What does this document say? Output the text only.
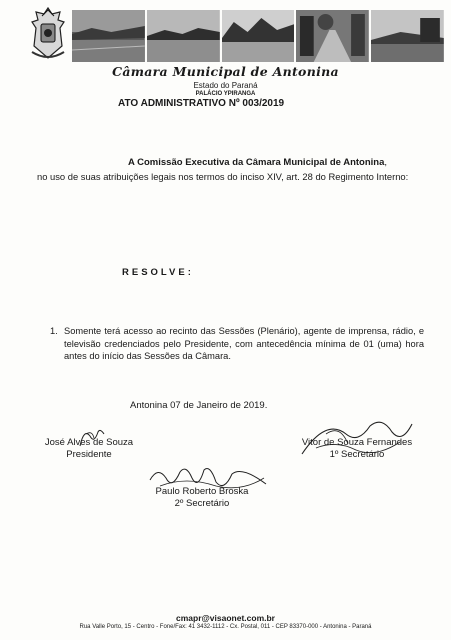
Câmara Municipal de Antonina
Estado do Paraná
PALÁCIO YPIRANGA
ATO ADMINISTRATIVO Nº 003/2019
A Comissão Executiva da Câmara Municipal de Antonina,
no uso de suas atribuições legais nos termos do inciso XIV, art. 28 do Regimento Interno:
RESOLVE:
1. Somente terá acesso ao recinto das Sessões (Plenário), agente de imprensa, rádio, e televisão credenciados pelo Presidente, com antecedência mínima de 01 (uma) hora antes do início das Sessões da Câmara.
Antonina 07 de Janeiro de 2019.
José Alves de Souza
Presidente
Vitor de Souza Fernandes
1º Secretário
Paulo Roberto Broska
2º Secretário
cmapr@visaonet.com.br
Rua Valle Porto, 15 - Centro - Fone/Fax: 41 3432-1112 - Cx. Postal, 011 - CEP 83370-000 - Antonina - Paraná
